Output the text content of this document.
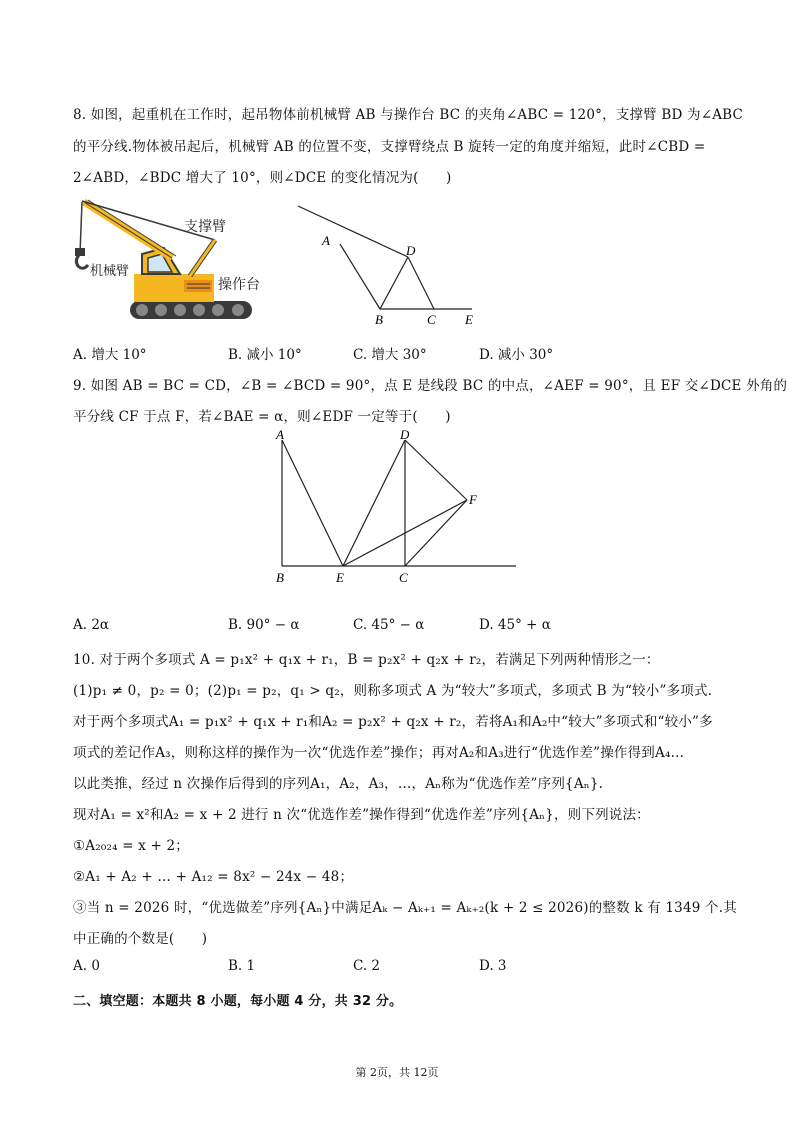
8. 如图，起重机在工作时，起吊物体前机械臂 AB 与操作台 BC 的夹角∠ABC = 120°，支撑臂 BD 为∠ABC
的平分线.物体被吊起后，机械臂 AB 的位置不变，支撑臂绕点 B 旋转一定的角度并缩短，此时∠CBD =
2∠ABD，∠BDC 增大了 10°，则∠DCE 的变化情况为(　　)
支撑臂
机械臂
操作台
A
D
B	C E
A. 增大 10°	B. 减小 10°	C. 增大 30°	D. 减小 30°
9. 如图 AB = BC = CD，∠B = ∠BCD = 90°，点 E 是线段 BC 的中点，∠AEF = 90°，且 EF 交∠DCE 外角的
平分线 CF 于点 F，若∠BAE = α，则∠EDF 一定等于(　　)
A	D
F
B	E	C
A. 2α	B. 90° − α	C. 45° − α	D. 45° + α
10. 对于两个多项式 A = p₁x² + q₁x + r₁，B = p₂x² + q₂x + r₂，若满足下列两种情形之一：
(1)p₁ ≠ 0，p₂ = 0；(2)p₁ = p₂，q₁ > q₂，则称多项式 A 为“较大”多项式，多项式 B 为“较小”多项式.
对于两个多项式A₁ = p₁x² + q₁x + r₁和A₂ = p₂x² + q₂x + r₂，若将A₁和A₂中“较大”多项式和“较小”多
项式的差记作A₃，则称这样的操作为一次“优选作差”操作；再对A₂和A₃进行“优选作差”操作得到A₄…
以此类推，经过 n 次操作后得到的序列A₁，A₂，A₃，…，Aₙ称为“优选作差”序列{Aₙ}.
现对A₁ = x²和A₂ = x + 2 进行 n 次“优选作差”操作得到“优选作差”序列{Aₙ}，则下列说法：
①A₂₀₂₄ = x + 2；
②A₁ + A₂ + … + A₁₂ = 8x² − 24x − 48；
③当 n = 2026 时，“优选做差”序列{Aₙ}中满足Aₖ − Aₖ₊₁ = Aₖ₊₂(k + 2 ≤ 2026)的整数 k 有 1349 个.其
中正确的个数是(　　)
A. 0	B. 1	C. 2	D. 3
二、填空题：本题共 8 小题，每小题 4 分，共 32 分。
第 2页，共 12页
